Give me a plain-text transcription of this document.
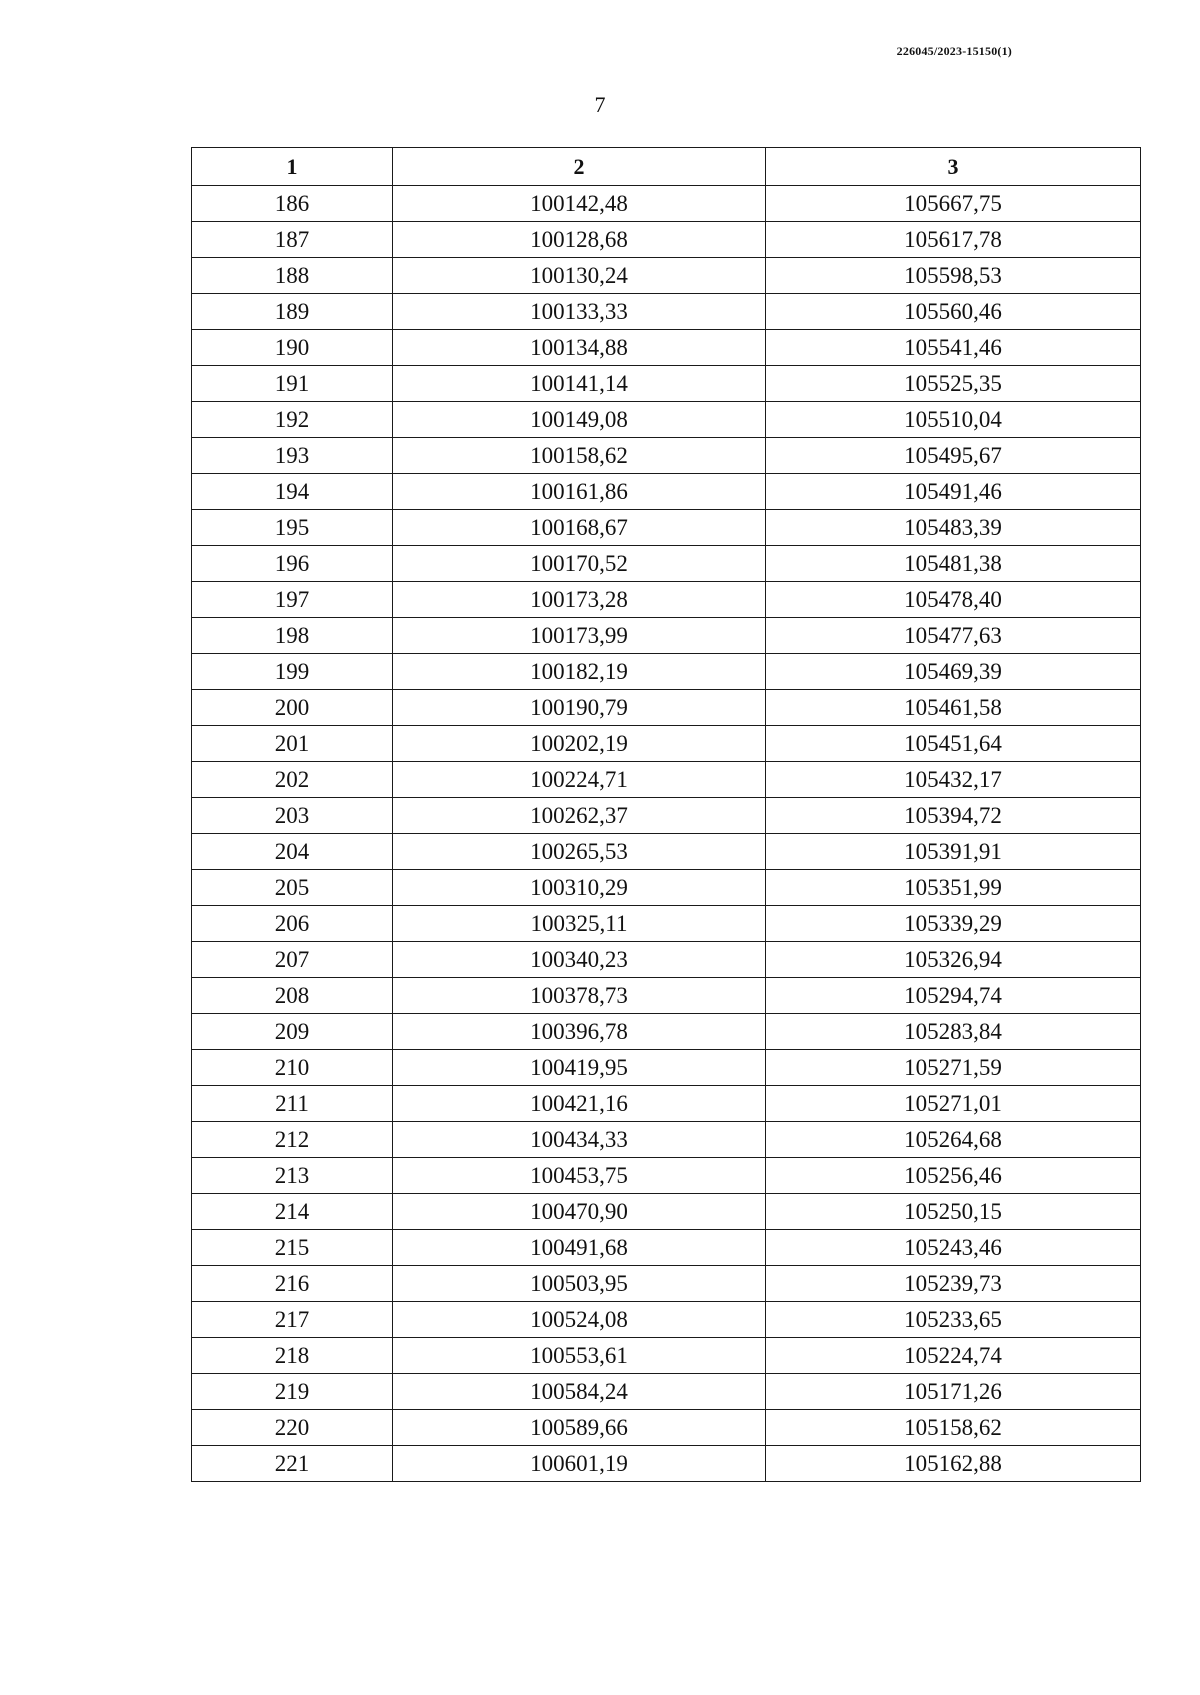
226045/2023-15150(1)
7
1	2	3
186	100142,48	105667,75
187	100128,68	105617,78
188	100130,24	105598,53
189	100133,33	105560,46
190	100134,88	105541,46
191	100141,14	105525,35
192	100149,08	105510,04
193	100158,62	105495,67
194	100161,86	105491,46
195	100168,67	105483,39
196	100170,52	105481,38
197	100173,28	105478,40
198	100173,99	105477,63
199	100182,19	105469,39
200	100190,79	105461,58
201	100202,19	105451,64
202	100224,71	105432,17
203	100262,37	105394,72
204	100265,53	105391,91
205	100310,29	105351,99
206	100325,11	105339,29
207	100340,23	105326,94
208	100378,73	105294,74
209	100396,78	105283,84
210	100419,95	105271,59
211	100421,16	105271,01
212	100434,33	105264,68
213	100453,75	105256,46
214	100470,90	105250,15
215	100491,68	105243,46
216	100503,95	105239,73
217	100524,08	105233,65
218	100553,61	105224,74
219	100584,24	105171,26
220	100589,66	105158,62
221	100601,19	105162,88
